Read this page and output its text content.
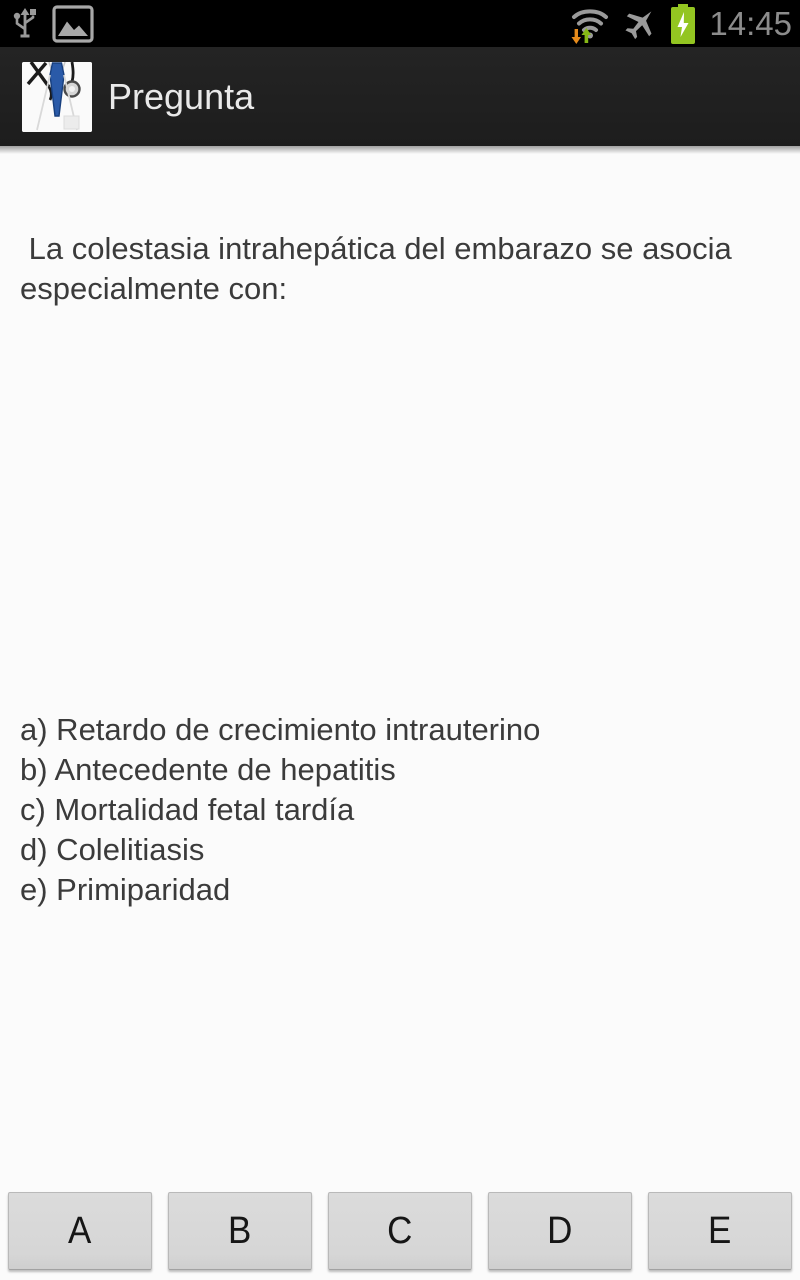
14:45
Pregunta
La colestasia intrahepática del embarazo se asocia especialmente con:
a) Retardo de crecimiento intrauterino
b) Antecedente de hepatitis
c) Mortalidad fetal tardía
d) Colelitiasis
e) Primiparidad
A	B	C	D	E
